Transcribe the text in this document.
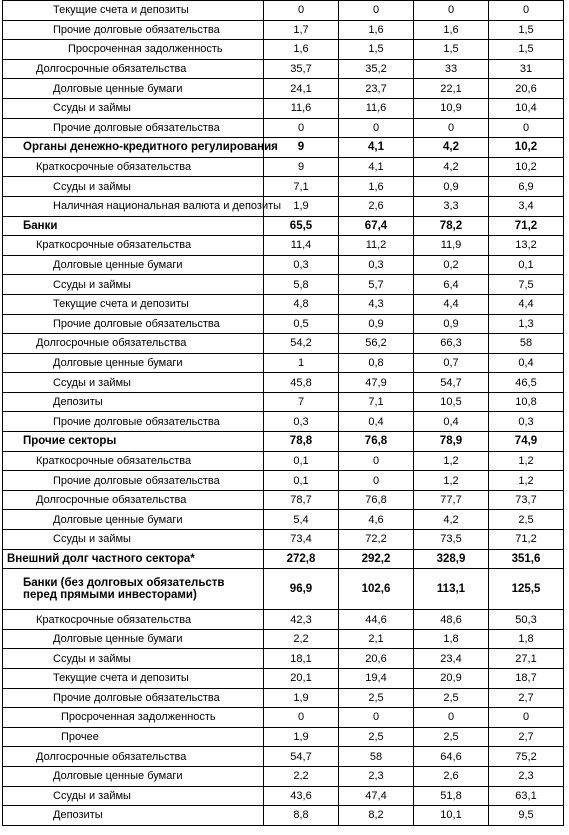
Текущие счета и депозиты	0	0	0	0
Прочие долговые обязательства	1,7	1,6	1,6	1,5
Просроченная задолженность	1,6	1,5	1,5	1,5
Долгосрочные обязательства	35,7	35,2	33	31
Долговые ценные бумаги	24,1	23,7	22,1	20,6
Ссуды и займы	11,6	11,6	10,9	10,4
Прочие долговые обязательства	0	0	0	0
Органы денежно-кредитного регулирования	9	4,1	4,2	10,2
Краткосрочные обязательства	9	4,1	4,2	10,2
Ссуды и займы	7,1	1,6	0,9	6,9
Наличная национальная валюта и депозиты	1,9	2,6	3,3	3,4
Банки	65,5	67,4	78,2	71,2
Краткосрочные обязательства	11,4	11,2	11,9	13,2
Долговые ценные бумаги	0,3	0,3	0,2	0,1
Ссуды и займы	5,8	5,7	6,4	7,5
Текущие счета и депозиты	4,8	4,3	4,4	4,4
Прочие долговые обязательства	0,5	0,9	0,9	1,3
Долгосрочные обязательства	54,2	56,2	66,3	58
Долговые ценные бумаги	1	0,8	0,7	0,4
Ссуды и займы	45,8	47,9	54,7	46,5
Депозиты	7	7,1	10,5	10,8
Прочие долговые обязательства	0,3	0,4	0,4	0,3
Прочие секторы	78,8	76,8	78,9	74,9
Краткосрочные обязательства	0,1	0	1,2	1,2
Прочие долговые обязательства	0,1	0	1,2	1,2
Долгосрочные обязательства	78,7	76,8	77,7	73,7
Долговые ценные бумаги	5,4	4,6	4,2	2,5
Ссуды и займы	73,4	72,2	73,5	71,2
Внешний долг частного сектора*	272,8	292,2	328,9	351,6
Банки (без долговых обязательств перед прямыми инвесторами)	96,9	102,6	113,1	125,5
Краткосрочные обязательства	42,3	44,6	48,6	50,3
Долговые ценные бумаги	2,2	2,1	1,8	1,8
Ссуды и займы	18,1	20,6	23,4	27,1
Текущие счета и депозиты	20,1	19,4	20,9	18,7
Прочие долговые обязательства	1,9	2,5	2,5	2,7
Просроченная задолженность	0	0	0	0
Прочее	1,9	2,5	2,5	2,7
Долгосрочные обязательства	54,7	58	64,6	75,2
Долговые ценные бумаги	2,2	2,3	2,6	2,3
Ссуды и займы	43,6	47,4	51,8	63,1
Депозиты	8,8	8,2	10,1	9,5
